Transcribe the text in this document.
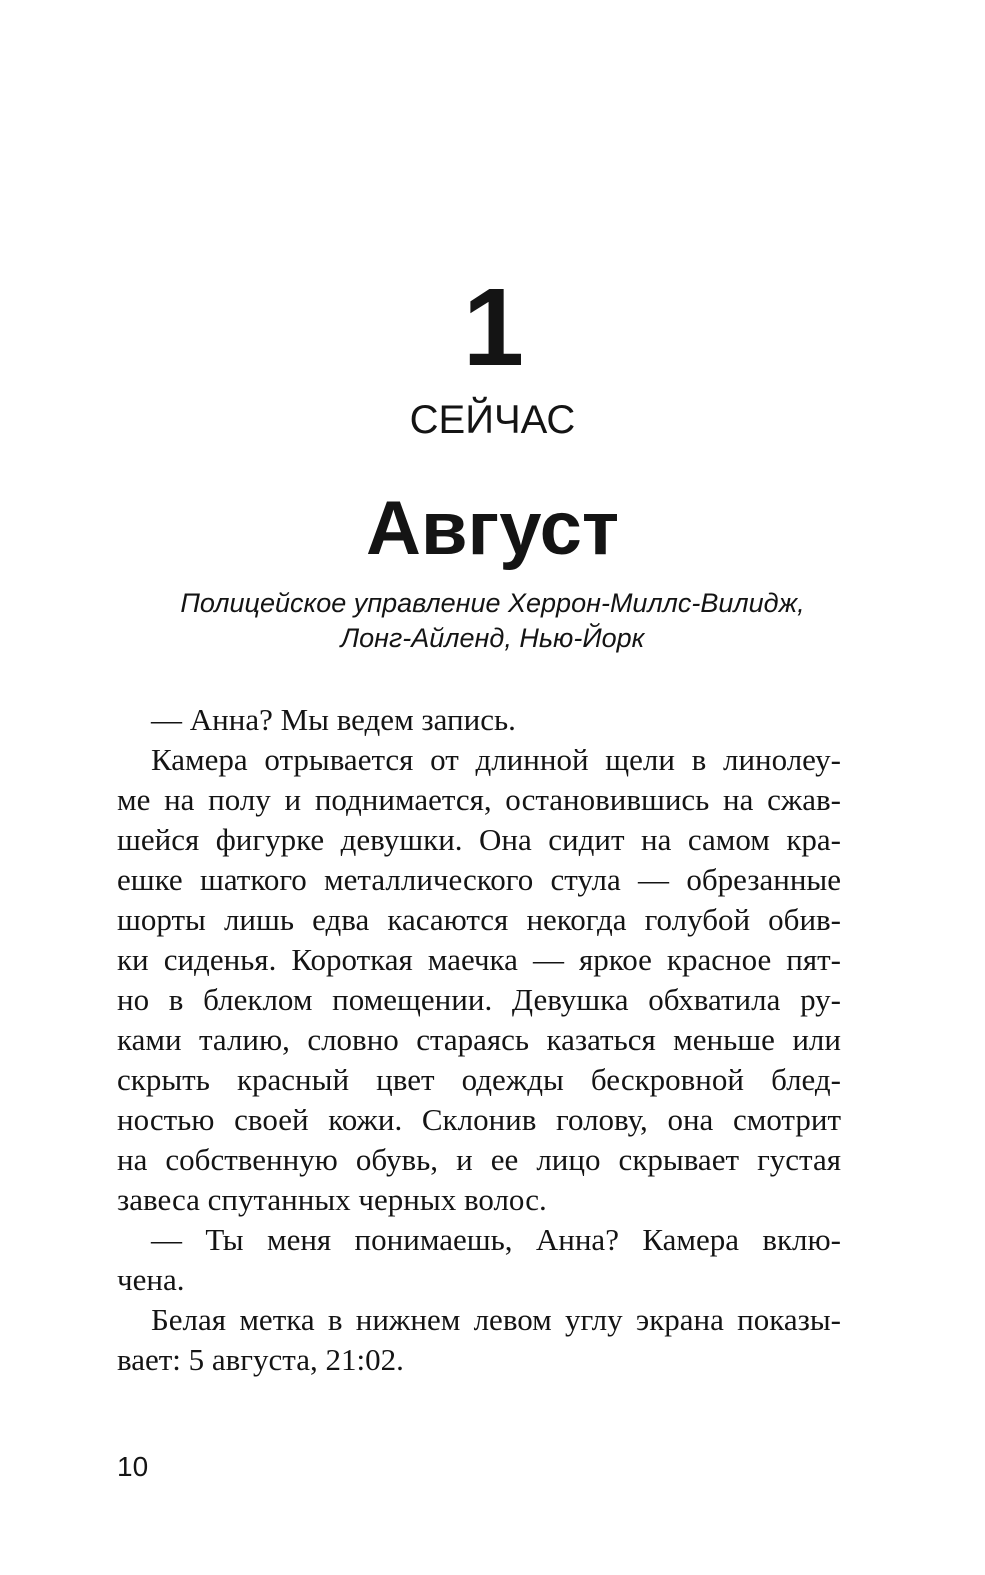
1
СЕЙЧАС
Август
Полицейское управление Херрон-Миллс-Вилидж,
Лонг-Айленд, Нью-Йорк
— Анна? Мы ведем запись.
Камера отрывается от длинной щели в линолеу-
ме на полу и поднимается, остановившись на сжав-
шейся фигурке девушки. Она сидит на самом кра-
ешке шаткого металлического стула — обрезанные
шорты лишь едва касаются некогда голубой обив-
ки сиденья. Короткая маечка — яркое красное пят-
но в блеклом помещении. Девушка обхватила ру-
ками талию, словно стараясь казаться меньше или
скрыть красный цвет одежды бескровной блед-
ностью своей кожи. Склонив голову, она смотрит
на собственную обувь, и ее лицо скрывает густая
завеса спутанных черных волос.
— Ты меня понимаешь, Анна? Камера вклю-
чена.
Белая метка в нижнем левом углу экрана показы-
вает: 5 августа, 21:02.
10
